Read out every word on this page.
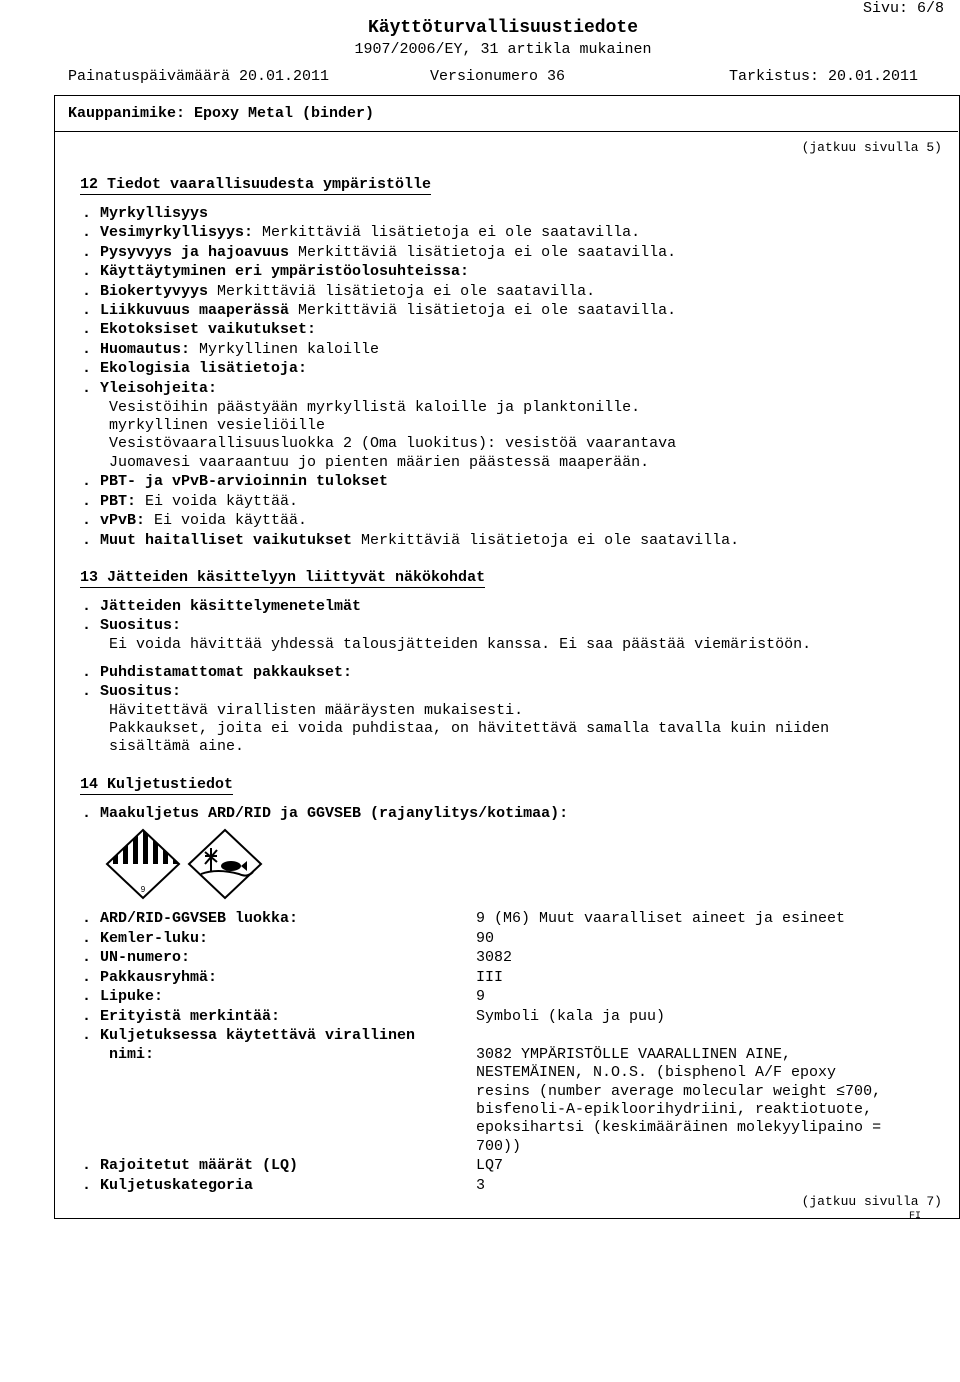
Käyttöturvallisuustiedote
1907/2006/EY, 31 artikla mukainen
Sivu: 6/8
Painatuspäivämäärä 20.01.2011	Versionumero 36	Tarkistus: 20.01.2011
Kauppanimike: Epoxy Metal (binder)
(jatkuu sivulla 5)
12 Tiedot vaarallisuudesta ympäristölle
. Myrkyllisyys
. Vesimyrkyllisyys: Merkittäviä lisätietoja ei ole saatavilla.
. Pysyvyys ja hajoavuus Merkittäviä lisätietoja ei ole saatavilla.
. Käyttäytyminen eri ympäristöolosuhteissa:
. Biokertyvyys Merkittäviä lisätietoja ei ole saatavilla.
. Liikkuvuus maaperässä Merkittäviä lisätietoja ei ole saatavilla.
. Ekotoksiset vaikutukset:
. Huomautus: Myrkyllinen kaloille
. Ekologisia lisätietoja:
. Yleisohjeita:
Vesistöihin päästyään myrkyllistä kaloille ja planktonille.
myrkyllinen vesieliöille
Vesistövaarallisuusluokka 2 (Oma luokitus): vesistöä vaarantava
Juomavesi vaaraantuu jo pienten määrien päästessä maaperään.
. PBT- ja vPvB-arvioinnin tulokset
. PBT: Ei voida käyttää.
. vPvB: Ei voida käyttää.
. Muut haitalliset vaikutukset Merkittäviä lisätietoja ei ole saatavilla.
13 Jätteiden käsittelyyn liittyvät näkökohdat
. Jätteiden käsittelymenetelmät
. Suositus:
Ei voida hävittää yhdessä talousjätteiden kanssa. Ei saa päästää viemäristöön.
. Puhdistamattomat pakkaukset:
. Suositus:
Hävitettävä virallisten määräysten mukaisesti.
Pakkaukset, joita ei voida puhdistaa, on hävitettävä samalla tavalla kuin niiden
sisältämä aine.
14 Kuljetustiedot
. Maakuljetus ARD/RID ja GGVSEB (rajanylitys/kotimaa):
9
. ARD/RID-GGVSEB luokka:	9 (M6) Muut vaaralliset aineet ja esineet
. Kemler-luku:	90
. UN-numero:	3082
. Pakkausryhmä:	III
. Lipuke:	9
. Erityistä merkintää:	Symboli (kala ja puu)
. Kuljetuksessa käytettävä virallinen
nimi:	3082 YMPÄRISTÖLLE VAARALLINEN AINE,
NESTEMÄINEN, N.O.S. (bisphenol A/F epoxy
resins (number average molecular weight ≤700,
bisfenoli-A-epikloorihydriini, reaktiotuote,
epoksihartsi (keskimääräinen molekyylipaino =
700))
. Rajoitetut määrät (LQ)	LQ7
. Kuljetuskategoria	3
(jatkuu sivulla 7)
FI
